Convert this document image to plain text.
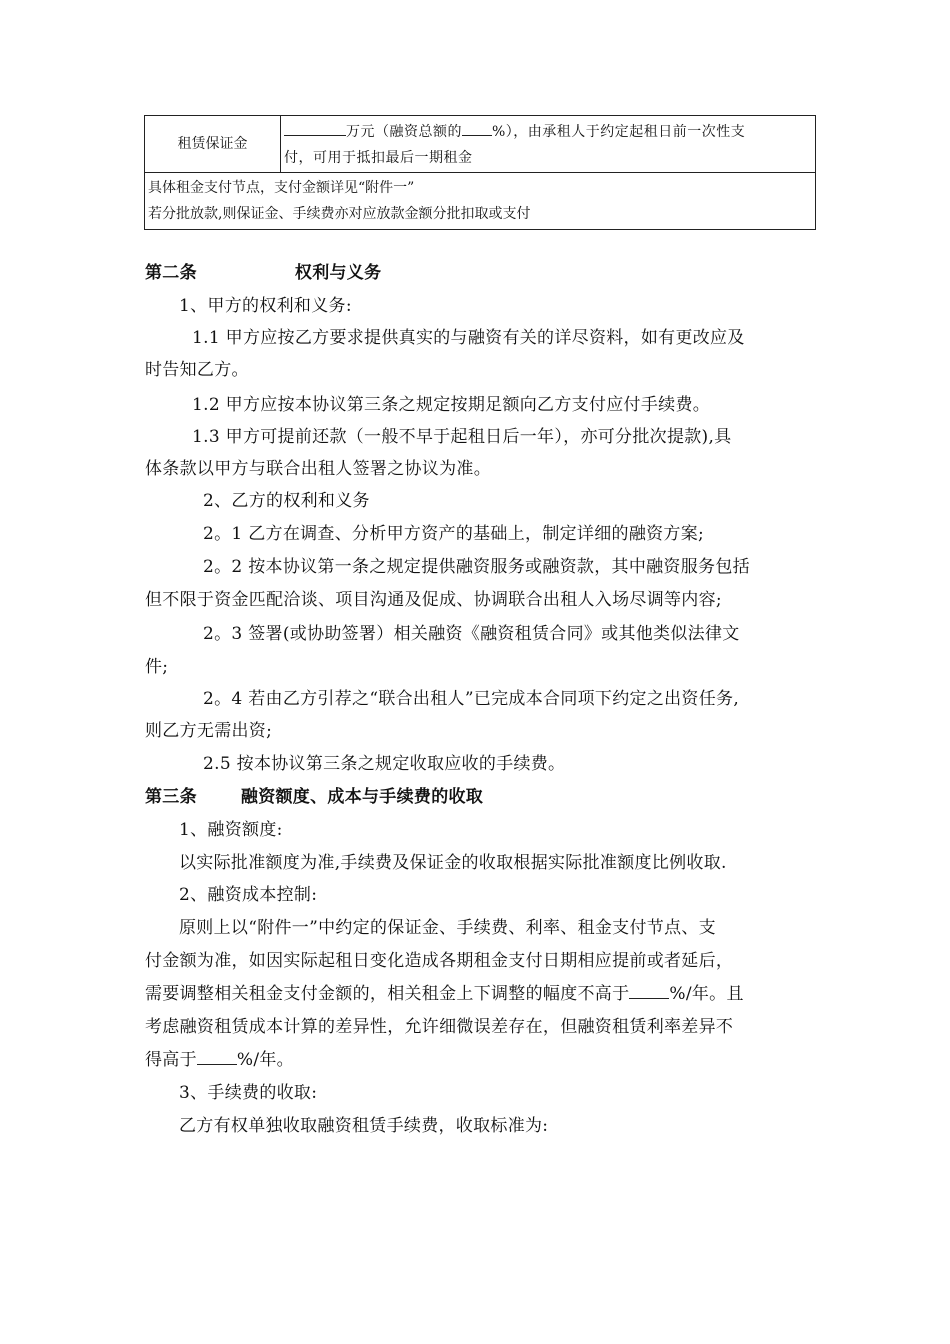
租赁保证金	万元（融资总额的 %），由承租人于约定起租日前一次性支
付，可用于抵扣最后一期租金
具体租金支付节点，支付金额详见“附件一”
若分批放款,则保证金、手续费亦对应放款金额分批扣取或支付
第二条	权利与义务
1、甲方的权利和义务:
1.1 甲方应按乙方要求提供真实的与融资有关的详尽资料，如有更改应及
时告知乙方。
1.2 甲方应按本协议第三条之规定按期足额向乙方支付应付手续费。
1.3 甲方可提前还款（一般不早于起租日后一年），亦可分批次提款),具
体条款以甲方与联合出租人签署之协议为准。
2、乙方的权利和义务
2。1 乙方在调查、分析甲方资产的基础上，制定详细的融资方案;
2。2 按本协议第一条之规定提供融资服务或融资款，其中融资服务包括
但不限于资金匹配洽谈、项目沟通及促成、协调联合出租人入场尽调等内容;
2。3 签署(或协助签署）相关融资《融资租赁合同》或其他类似法律文
件;
2。4 若由乙方引荐之“联合出租人”已完成本合同项下约定之出资任务,
则乙方无需出资;
2.5 按本协议第三条之规定收取应收的手续费。
第三条	融资额度、成本与手续费的收取
1、融资额度:
以实际批准额度为准,手续费及保证金的收取根据实际批准额度比例收取.
2、融资成本控制:
原则上以“附件一”中约定的保证金、手续费、利率、租金支付节点、支
付金额为准，如因实际起租日变化造成各期租金支付日期相应提前或者延后，
需要调整相关租金支付金额的，相关租金上下调整的幅度不高于 %/年。且
考虑融资租赁成本计算的差异性，允许细微误差存在，但融资租赁利率差异不
得高于 %/年。
3、手续费的收取:
乙方有权单独收取融资租赁手续费，收取标准为:
